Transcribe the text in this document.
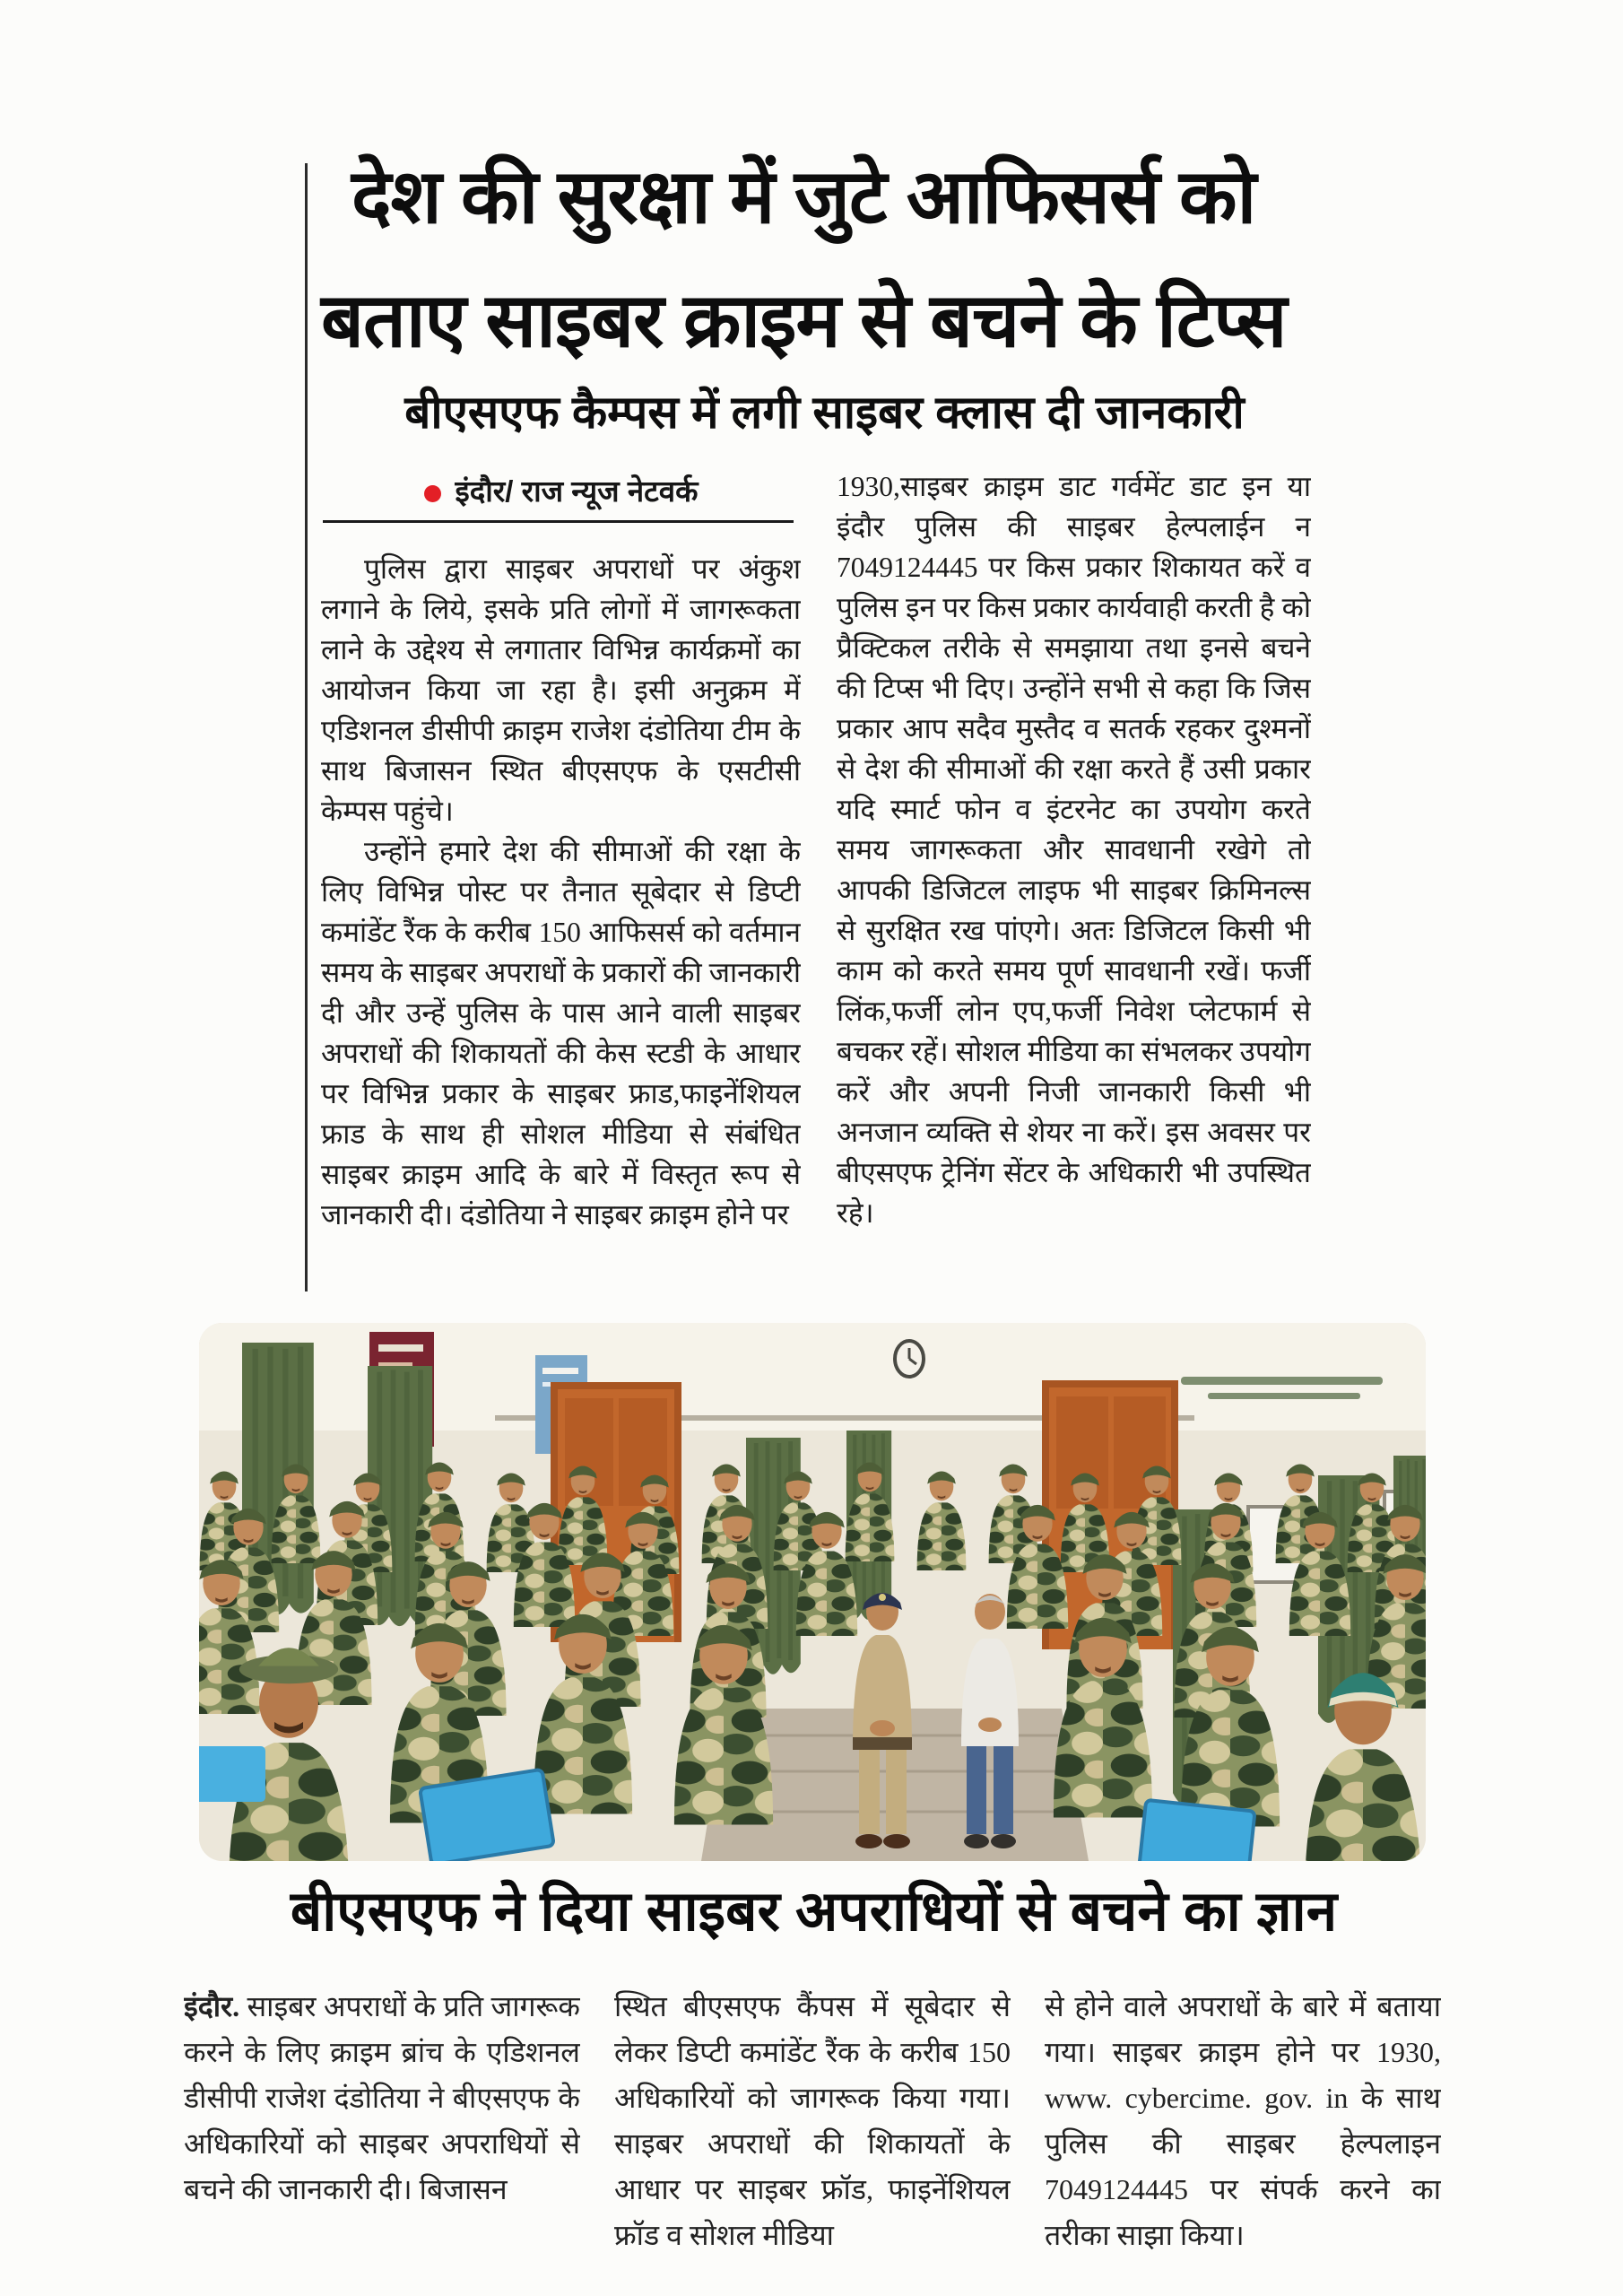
देश की सुरक्षा में जुटे आफिसर्स को
बताए साइबर क्राइम से बचने के टिप्स
बीएसएफ कैम्पस में लगी साइबर क्लास दी जानकारी
इंदौर/ राज न्यूज नेटवर्क

पुलिस द्वारा साइबर अपराधों पर अंकुश लगाने के लिये, इसके प्रति लोगों में जागरूकता लाने के उद्देश्य से लगातार विभिन्न कार्यक्रमों का आयोजन किया जा रहा है। इसी अनुक्रम में एडिशनल डीसीपी क्राइम राजेश दंडोतिया टीम के साथ बिजासन स्थित बीएसएफ के एसटीसी केम्पस पहुंचे।

उन्होंने हमारे देश की सीमाओं की रक्षा के लिए विभिन्न पोस्ट पर तैनात सूबेदार से डिप्टी कमांडेंट रैंक के करीब 150 आफिसर्स को वर्तमान समय के साइबर अपराधों के प्रकारों की जानकारी दी और उन्हें पुलिस के पास आने वाली साइबर अपराधों की शिकायतों की केस स्टडी के आधार पर विभिन्न प्रकार के साइबर फ्राड,फाइनेंशियल फ्राड के साथ ही सोशल मीडिया से संबंधित साइबर क्राइम आदि के बारे में विस्तृत रूप से जानकारी दी। दंडोतिया ने साइबर क्राइम होने पर

1930,साइबर क्राइम डाट गर्वमेंट डाट इन या इंदौर पुलिस की साइबर हेल्पलाईन न 7049124445 पर किस प्रकार शिकायत करें व पुलिस इन पर किस प्रकार कार्यवाही करती है को प्रैक्टिकल तरीके से समझाया तथा इनसे बचने की टिप्स भी दिए। उन्होंने सभी से कहा कि जिस प्रकार आप सदैव मुस्तैद व सतर्क रहकर दुश्मनों से देश की सीमाओं की रक्षा करते हैं उसी प्रकार यदि स्मार्ट फोन व इंटरनेट का उपयोग करते समय जागरूकता और सावधानी रखेगे तो आपकी डिजिटल लाइफ भी साइबर क्रिमिनल्स से सुरक्षित रख पांएगे। अतः डिजिटल किसी भी काम को करते समय पूर्ण सावधानी रखें। फर्जी लिंक,फर्जी लोन एप,फर्जी निवेश प्लेटफार्म से बचकर रहें। सोशल मीडिया का संभलकर उपयोग करें और अपनी निजी जानकारी किसी भी अनजान व्यक्ति से शेयर ना करें। इस अवसर पर बीएसएफ ट्रेनिंग सेंटर के अधिकारी भी उपस्थित रहे।

बीएसएफ ने दिया साइबर अपराधियों से बचने का ज्ञान

इंदौर. साइबर अपराधों के प्रति जागरूक करने के लिए क्राइम ब्रांच के एडिशनल डीसीपी राजेश दंडोतिया ने बीएसएफ के अधिकारियों को साइबर अपराधियों से बचने की जानकारी दी। बिजासन

स्थित बीएसएफ कैंपस में सूबेदार से लेकर डिप्टी कमांडेंट रैंक के करीब 150 अधिकारियों को जागरूक किया गया। साइबर अपराधों की शिकायतों के आधार पर साइबर फ्रॉड, फाइनेंशियल फ्रॉड व सोशल मीडिया

से होने वाले अपराधों के बारे में बताया गया। साइबर क्राइम होने पर 1930, www. cybercime. gov. in के साथ पुलिस की साइबर हेल्पलाइन 7049124445 पर संपर्क करने का तरीका साझा किया।
